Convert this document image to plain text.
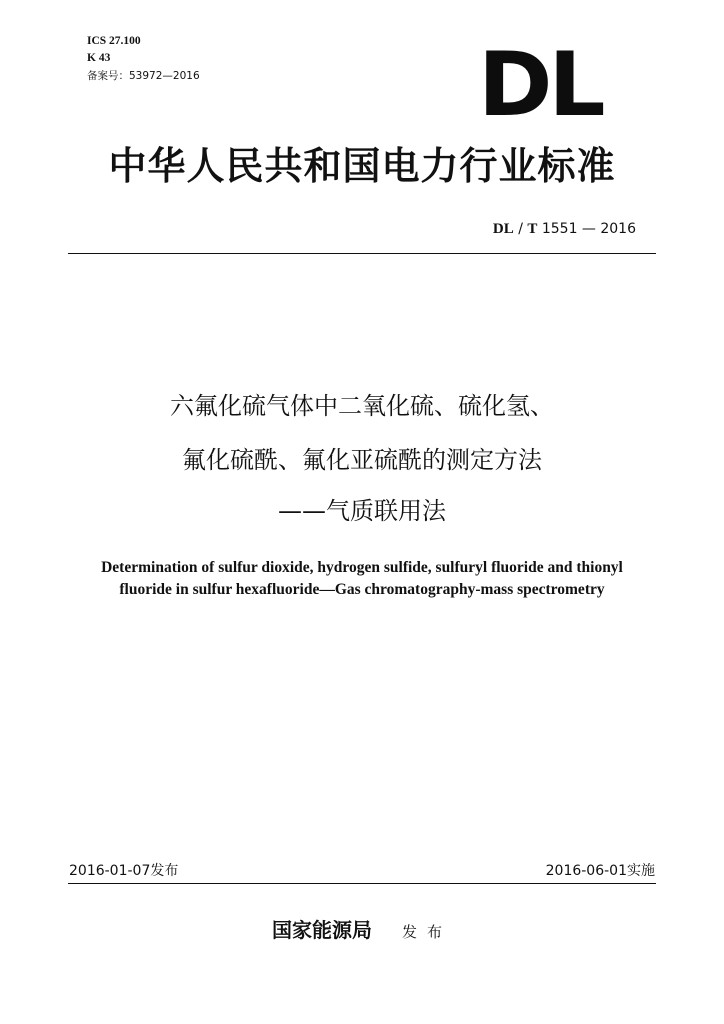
ICS 27.100
K 43
备案号：53972—2016	DL
中华人民共和国电力行业标准
DL / T 1551 — 2016
六氟化硫气体中二氧化硫、硫化氢、
氟化硫酰、氟化亚硫酰的测定方法
——气质联用法
Determination of sulfur dioxide, hydrogen sulfide, sulfuryl fluoride and thionyl
fluoride in sulfur hexafluoride—Gas chromatography-mass spectrometry
2016-01-07发布	2016-06-01实施
国家能源局 发布
